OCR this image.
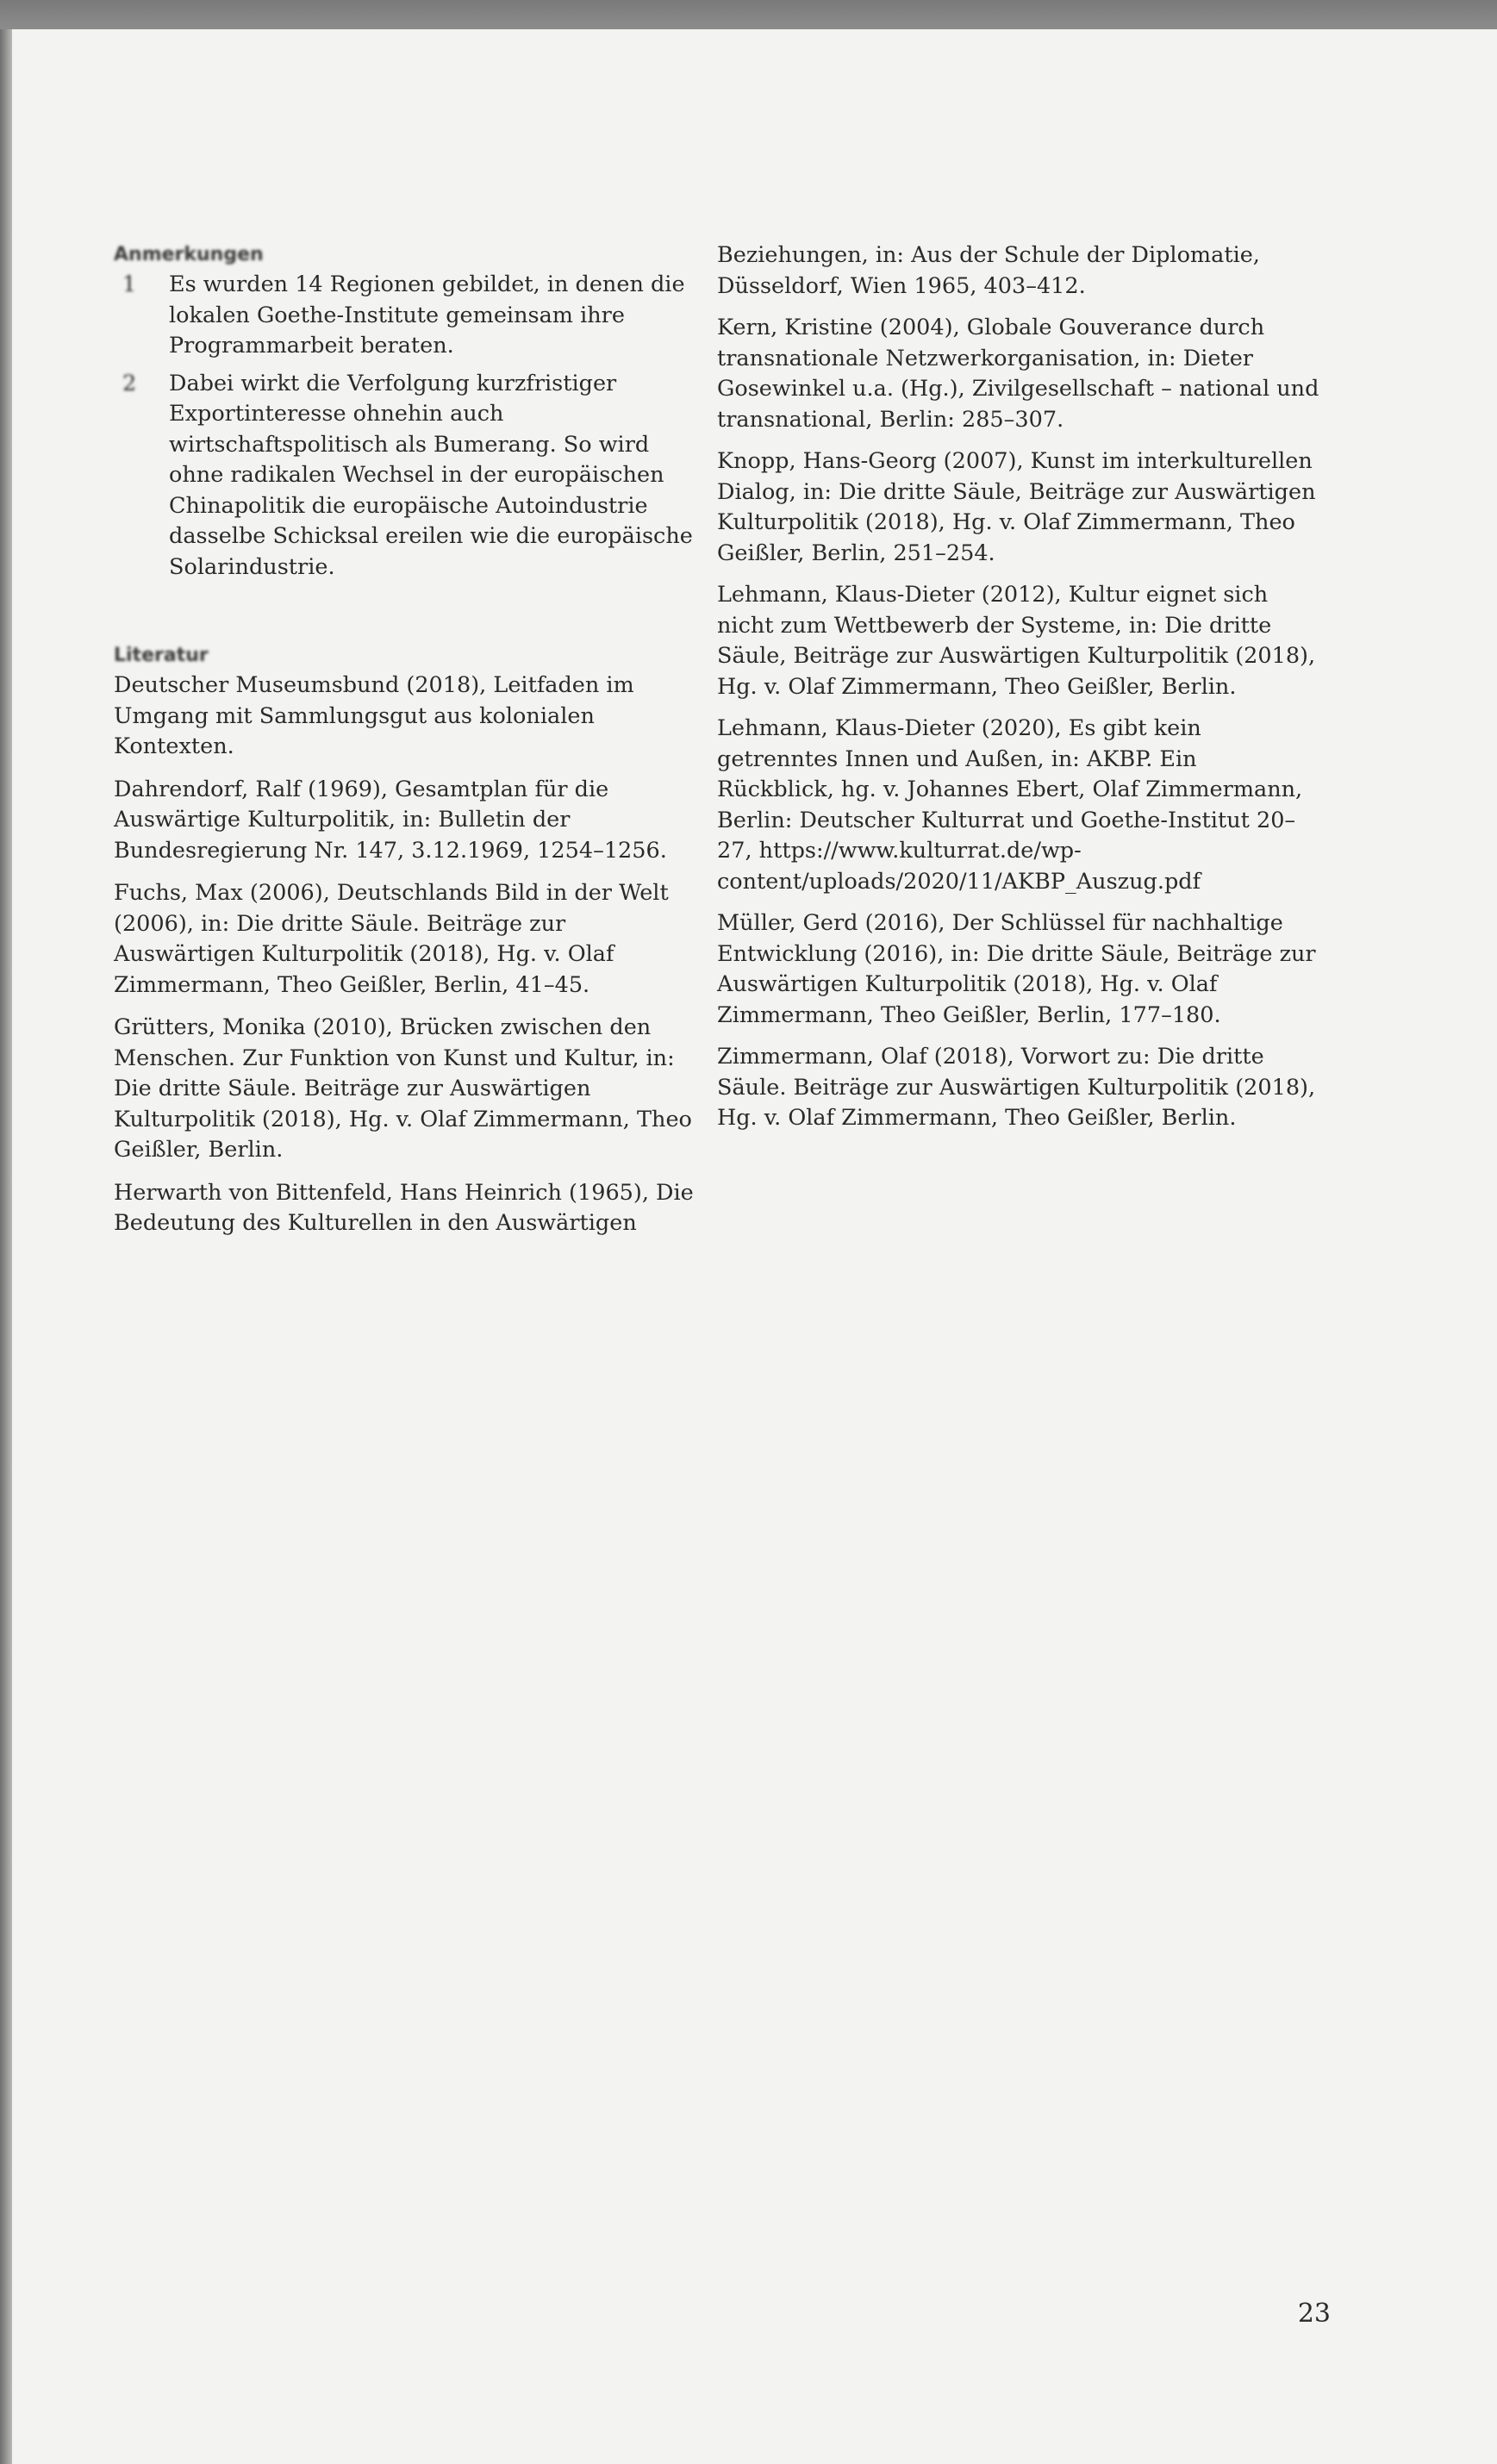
Anmerkungen

1	Es wurden 14 Regionen gebildet, in denen die lokalen Goethe-Institute gemeinsam ihre Programmarbeit beraten.
2	Dabei wirkt die Verfolgung kurzfristiger Exportinteresse ohnehin auch wirtschaftspolitisch als Bumerang. So wird ohne radikalen Wechsel in der europäischen Chinapolitik die europäische Autoindustrie dasselbe Schicksal ereilen wie die europäische Solarindustrie.

Literatur

Deutscher Museumsbund (2018), Leitfaden im Umgang mit Sammlungsgut aus kolonialen Kontexten.

Dahrendorf, Ralf (1969), Gesamtplan für die Auswärtige Kulturpolitik, in: Bulletin der Bundesregierung Nr. 147, 3.12.1969, 1254–1256.

Fuchs, Max (2006), Deutschlands Bild in der Welt (2006), in: Die dritte Säule. Beiträge zur Auswärtigen Kulturpolitik (2018), Hg. v. Olaf Zimmermann, Theo Geißler, Berlin, 41–45.

Grütters, Monika (2010), Brücken zwischen den Menschen. Zur Funktion von Kunst und Kultur, in: Die dritte Säule. Beiträge zur Auswärtigen Kulturpolitik (2018), Hg. v. Olaf Zimmermann, Theo Geißler, Berlin.

Herwarth von Bittenfeld, Hans Heinrich (1965), Die Bedeutung des Kulturellen in den Auswärtigen

Beziehungen, in: Aus der Schule der Diplomatie, Düsseldorf, Wien 1965, 403–412.

Kern, Kristine (2004), Globale Gouverance durch transnationale Netzwerkorganisation, in: Dieter Gosewinkel u.a. (Hg.), Zivilgesellschaft – national und transnational, Berlin: 285–307.

Knopp, Hans-Georg (2007), Kunst im interkulturellen Dialog, in: Die dritte Säule, Beiträge zur Auswärtigen Kulturpolitik (2018), Hg. v. Olaf Zimmermann, Theo Geißler, Berlin, 251–254.

Lehmann, Klaus-Dieter (2012), Kultur eignet sich nicht zum Wettbewerb der Systeme, in: Die dritte Säule, Beiträge zur Auswärtigen Kulturpolitik (2018), Hg. v. Olaf Zimmermann, Theo Geißler, Berlin.

Lehmann, Klaus-Dieter (2020), Es gibt kein getrenntes Innen und Außen, in: AKBP. Ein Rückblick, hg. v. Johannes Ebert, Olaf Zimmermann, Berlin: Deutscher Kulturrat und Goethe-Institut 20–27, https://www.kulturrat.de/wp-content/uploads/2020/11/AKBP_Auszug.pdf

Müller, Gerd (2016), Der Schlüssel für nachhaltige Entwicklung (2016), in: Die dritte Säule, Beiträge zur Auswärtigen Kulturpolitik (2018), Hg. v. Olaf Zimmermann, Theo Geißler, Berlin, 177–180.

Zimmermann, Olaf (2018), Vorwort zu: Die dritte Säule. Beiträge zur Auswärtigen Kulturpolitik (2018), Hg. v. Olaf Zimmermann, Theo Geißler, Berlin.

23
